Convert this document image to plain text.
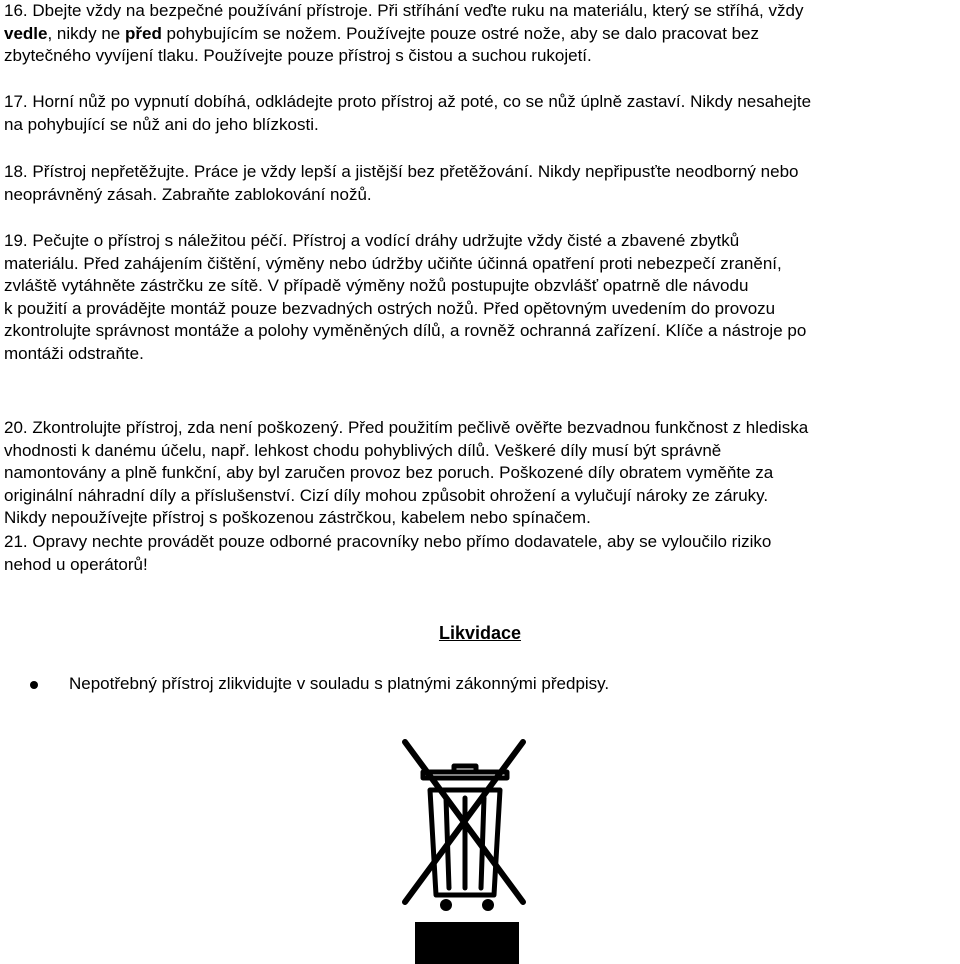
16. Dbejte vždy na bezpečné používání přístroje. Při stříhání veďte ruku na materiálu, který se stříhá, vždy
vedle, nikdy ne před pohybujícím se nožem. Používejte pouze ostré nože, aby se dalo pracovat bez
zbytečného vyvíjení tlaku. Používejte pouze přístroj s čistou a suchou rukojetí.
17. Horní nůž po vypnutí dobíhá, odkládejte proto přístroj až poté, co se nůž úplně zastaví. Nikdy nesahejte
na pohybující se nůž ani do jeho blízkosti.
18. Přístroj nepřetěžujte. Práce je vždy lepší a jistější bez přetěžování. Nikdy nepřipusťte neodborný nebo
neoprávněný zásah. Zabraňte zablokování nožů.
19. Pečujte o přístroj s náležitou péčí. Přístroj a vodící dráhy udržujte vždy čisté a zbavené zbytků
materiálu. Před zahájením čištění, výměny nebo údržby učiňte účinná opatření proti nebezpečí zranění,
zvláště vytáhněte zástrčku ze sítě. V případě výměny nožů postupujte obzvlášť opatrně dle návodu
k použití a provádějte montáž pouze bezvadných ostrých nožů. Před opětovným uvedením do provozu
zkontrolujte správnost montáže a polohy vyměněných dílů, a rovněž ochranná zařízení. Klíče a nástroje po
montáži odstraňte.
20. Zkontrolujte přístroj, zda není poškozený. Před použitím pečlivě ověřte bezvadnou funkčnost z hlediska
vhodnosti k danému účelu, např. lehkost chodu pohyblivých dílů. Veškeré díly musí být správně
namontovány a plně funkční, aby byl zaručen provoz bez poruch. Poškozené díly obratem vyměňte za
originální náhradní díly a příslušenství. Cizí díly mohou způsobit ohrožení a vylučují nároky ze záruky.
Nikdy nepoužívejte přístroj s poškozenou zástrčkou, kabelem nebo spínačem.
21. Opravy nechte provádět pouze odborné pracovníky nebo přímo dodavatele, aby se vyloučilo riziko
nehod u operátorů!
Likvidace
Nepotřebný přístroj zlikvidujte v souladu s platnými zákonnými předpisy.
